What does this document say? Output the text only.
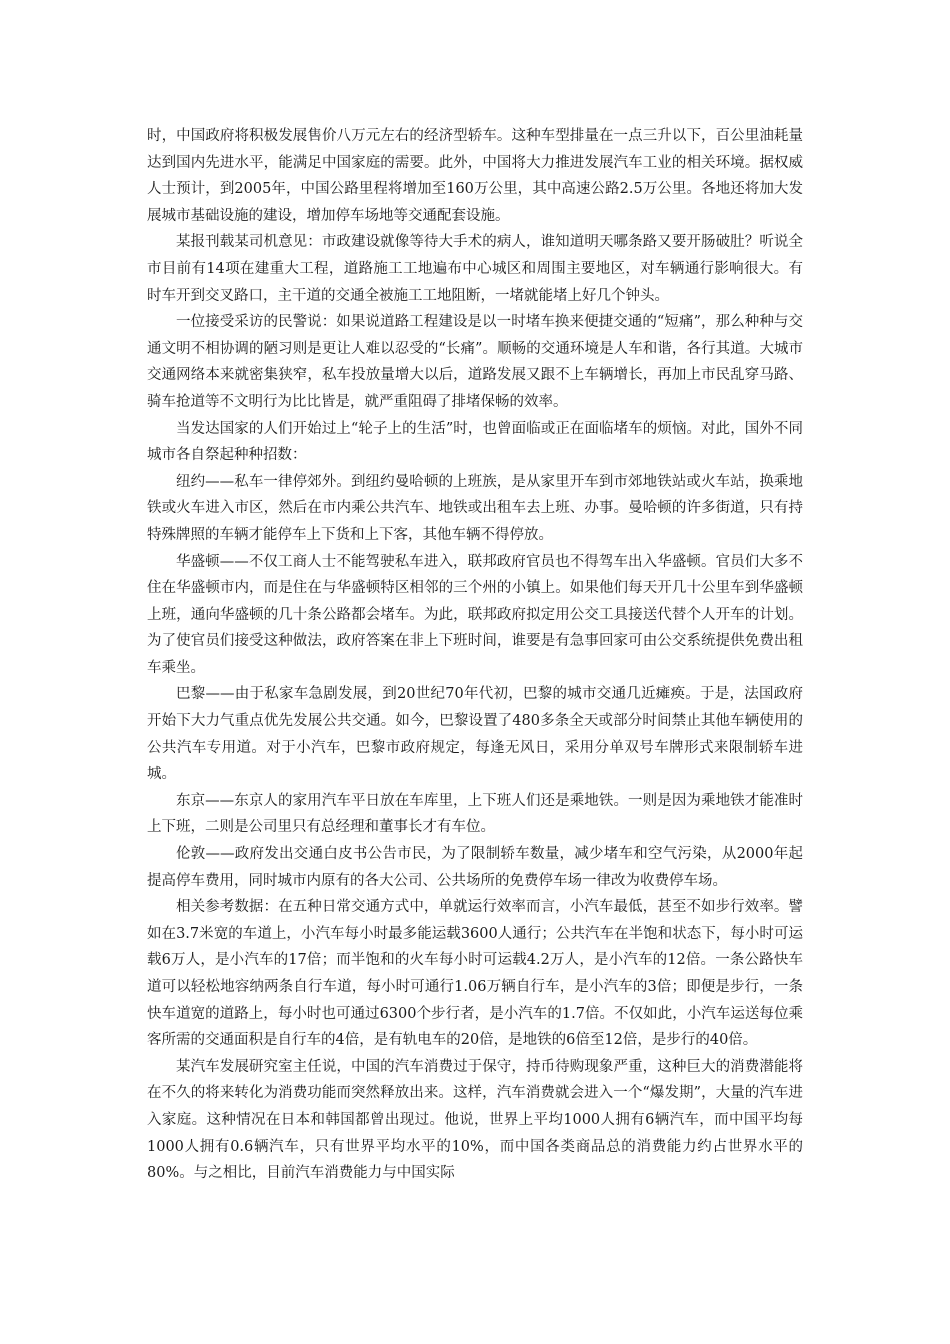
时，中国政府将积极发展售价八万元左右的经济型轿车。这种车型排量在一点三升以下，百公里油耗量达到国内先进水平，能满足中国家庭的需要。此外，中国将大力推进发展汽车工业的相关环境。据权威人士预计，到2005年，中国公路里程将增加至160万公里，其中高速公路2.5万公里。各地还将加大发展城市基础设施的建设，增加停车场地等交通配套设施。

某报刊载某司机意见：市政建设就像等待大手术的病人，谁知道明天哪条路又要开肠破肚？听说全市目前有14项在建重大工程，道路施工工地遍布中心城区和周围主要地区，对车辆通行影响很大。有时车开到交叉路口，主干道的交通全被施工工地阻断，一堵就能堵上好几个钟头。

一位接受采访的民警说：如果说道路工程建设是以一时堵车换来便捷交通的“短痛”，那么种种与交通文明不相协调的陋习则是更让人难以忍受的“长痛”。顺畅的交通环境是人车和谐，各行其道。大城市交通网络本来就密集狭窄，私车投放量增大以后，道路发展又跟不上车辆增长，再加上市民乱穿马路、骑车抢道等不文明行为比比皆是，就严重阻碍了排堵保畅的效率。

当发达国家的人们开始过上“轮子上的生活”时，也曾面临或正在面临堵车的烦恼。对此，国外不同城市各自祭起种种招数：

纽约——私车一律停郊外。到纽约曼哈顿的上班族，是从家里开车到市郊地铁站或火车站，换乘地铁或火车进入市区，然后在市内乘公共汽车、地铁或出租车去上班、办事。曼哈顿的许多街道，只有持特殊牌照的车辆才能停车上下货和上下客，其他车辆不得停放。

华盛顿——不仅工商人士不能驾驶私车进入，联邦政府官员也不得驾车出入华盛顿。官员们大多不住在华盛顿市内，而是住在与华盛顿特区相邻的三个州的小镇上。如果他们每天开几十公里车到华盛顿上班，通向华盛顿的几十条公路都会堵车。为此，联邦政府拟定用公交工具接送代替个人开车的计划。为了使官员们接受这种做法，政府答案在非上下班时间，谁要是有急事回家可由公交系统提供免费出租车乘坐。

巴黎——由于私家车急剧发展，到20世纪70年代初，巴黎的城市交通几近瘫痪。于是，法国政府开始下大力气重点优先发展公共交通。如今，巴黎设置了480多条全天或部分时间禁止其他车辆使用的公共汽车专用道。对于小汽车，巴黎市政府规定，每逢无风日，采用分单双号车牌形式来限制轿车进城。

东京——东京人的家用汽车平日放在车库里，上下班人们还是乘地铁。一则是因为乘地铁才能准时上下班，二则是公司里只有总经理和董事长才有车位。

伦敦——政府发出交通白皮书公告市民，为了限制轿车数量，减少堵车和空气污染，从2000年起提高停车费用，同时城市内原有的各大公司、公共场所的免费停车场一律改为收费停车场。

相关参考数据：在五种日常交通方式中，单就运行效率而言，小汽车最低，甚至不如步行效率。譬如在3.7米宽的车道上，小汽车每小时最多能运载3600人通行；公共汽车在半饱和状态下，每小时可运载6万人，是小汽车的17倍；而半饱和的火车每小时可运载4.2万人，是小汽车的12倍。一条公路快车道可以轻松地容纳两条自行车道，每小时可通行1.06万辆自行车，是小汽车的3倍；即便是步行，一条快车道宽的道路上，每小时也可通过6300个步行者，是小汽车的1.7倍。不仅如此，小汽车运送每位乘客所需的交通面积是自行车的4倍，是有轨电车的20倍，是地铁的6倍至12倍，是步行的40倍。

某汽车发展研究室主任说，中国的汽车消费过于保守，持币待购现象严重，这种巨大的消费潜能将在不久的将来转化为消费功能而突然释放出来。这样，汽车消费就会进入一个“爆发期”，大量的汽车进入家庭。这种情况在日本和韩国都曾出现过。他说，世界上平均1000人拥有6辆汽车，而中国平均每1000人拥有0.6辆汽车，只有世界平均水平的10%，而中国各类商品总的消费能力约占世界水平的80%。与之相比，目前汽车消费能力与中国实际
